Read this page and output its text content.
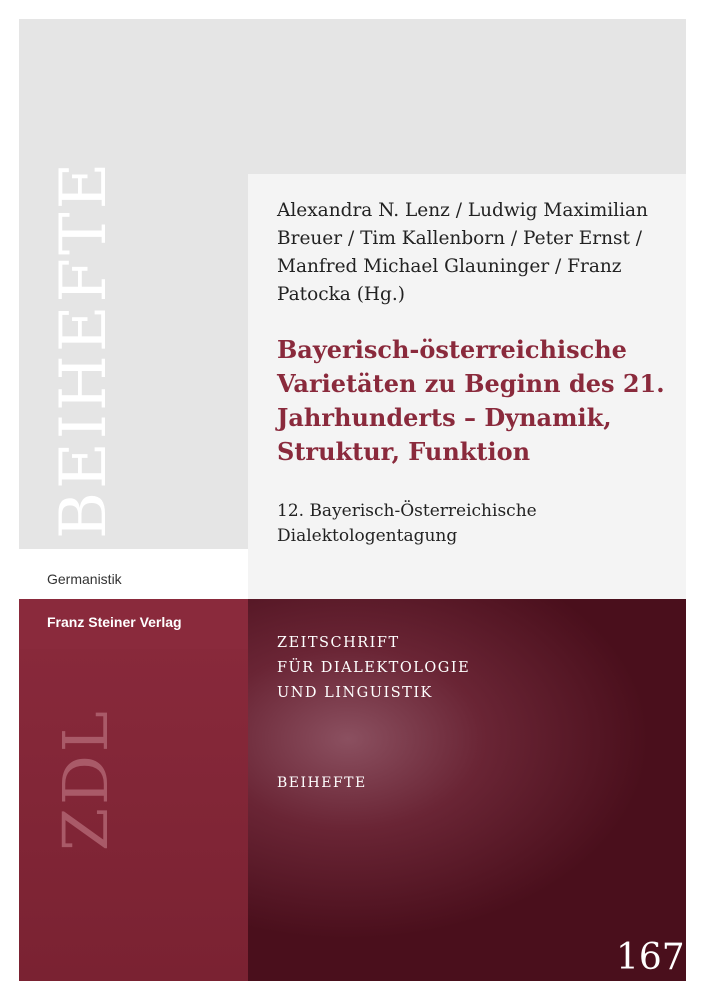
BEIHEFTE
Germanistik
Franz Steiner Verlag
ZDL
Alexandra N. Lenz / Ludwig Maximilian Breuer / Tim Kallenborn / Peter Ernst / Manfred Michael Glauninger / Franz Patocka (Hg.)
Bayerisch-österreichische Varietäten zu Beginn des 21. Jahrhunderts – Dynamik, Struktur, Funktion
12. Bayerisch-Österreichische Dialektologentagung
ZEITSCHRIFT
FÜR DIALEKTOLOGIE
UND LINGUISTIK
BEIHEFTE
167
